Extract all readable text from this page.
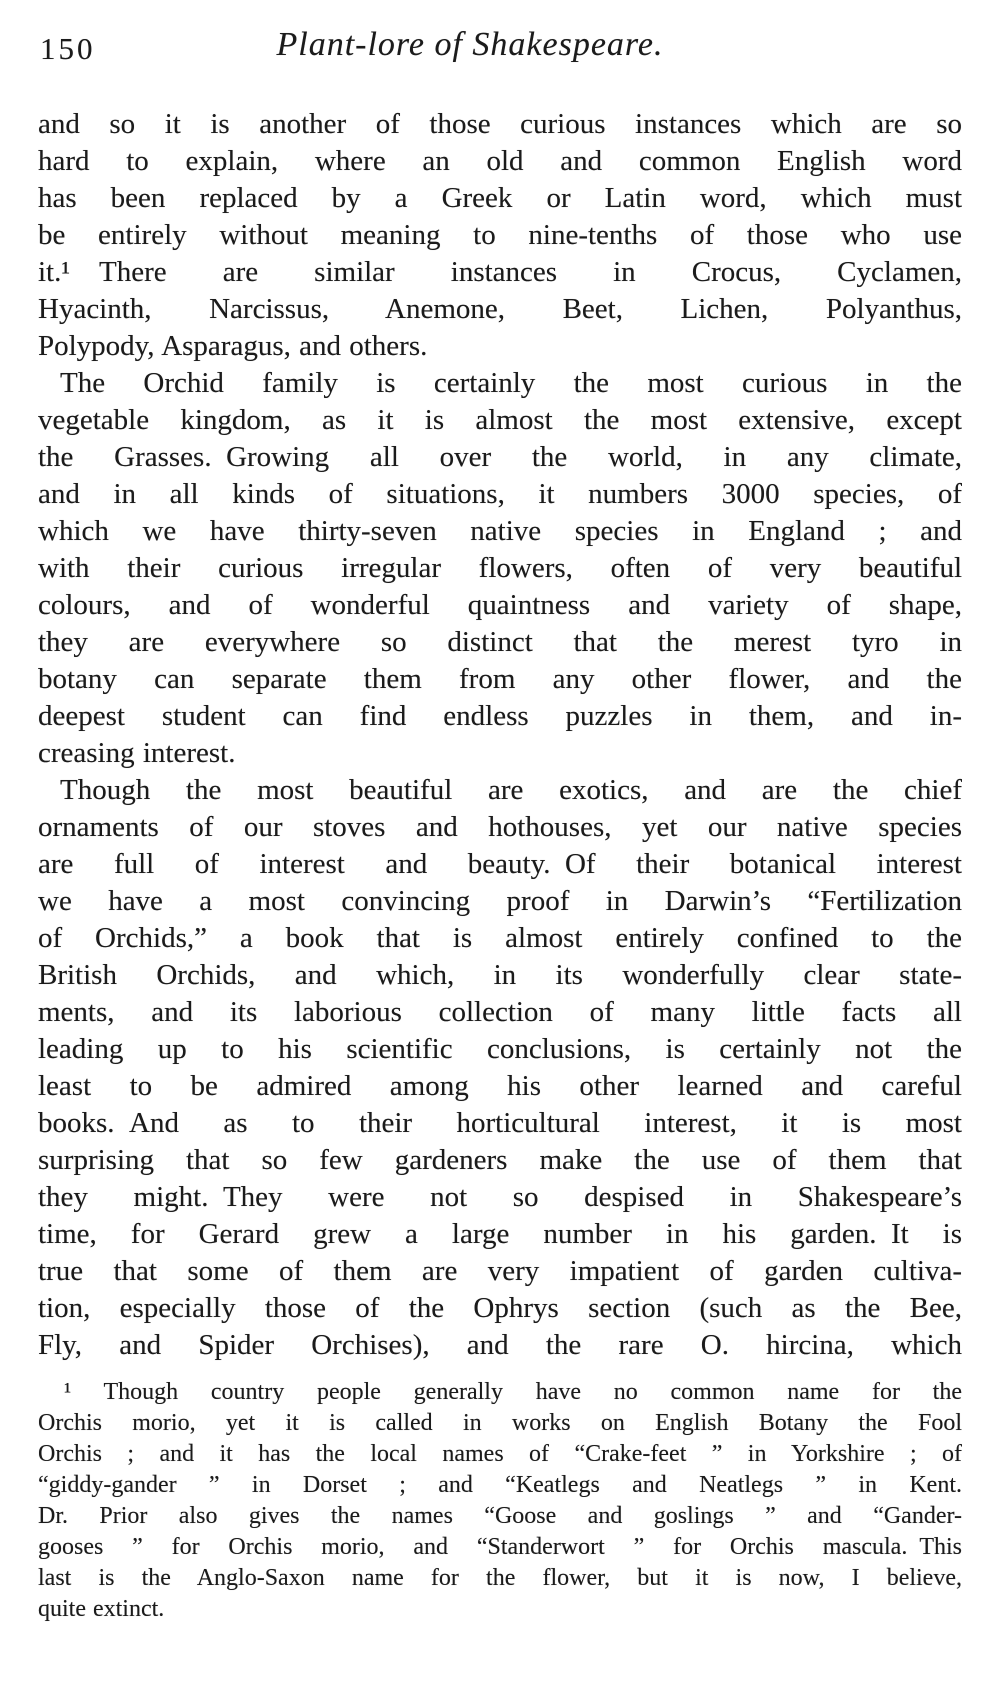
150	Plant-lore of Shakespeare.
and so it is another of those curious instances which are so
hard to explain, where an old and common English word
has been replaced by a Greek or Latin word, which must
be entirely without meaning to nine-tenths of those who use
it.¹ There are similar instances in Crocus, Cyclamen,
Hyacinth, Narcissus, Anemone, Beet, Lichen, Polyanthus,
Polypody, Asparagus, and others.
The Orchid family is certainly the most curious in the
vegetable kingdom, as it is almost the most extensive, except
the Grasses. Growing all over the world, in any climate,
and in all kinds of situations, it numbers 3000 species, of
which we have thirty-seven native species in England ; and
with their curious irregular flowers, often of very beautiful
colours, and of wonderful quaintness and variety of shape,
they are everywhere so distinct that the merest tyro in
botany can separate them from any other flower, and the
deepest student can find endless puzzles in them, and in-
creasing interest.
Though the most beautiful are exotics, and are the chief
ornaments of our stoves and hothouses, yet our native species
are full of interest and beauty. Of their botanical interest
we have a most convincing proof in Darwin’s “Fertilization
of Orchids,” a book that is almost entirely confined to the
British Orchids, and which, in its wonderfully clear state-
ments, and its laborious collection of many little facts all
leading up to his scientific conclusions, is certainly not the
least to be admired among his other learned and careful
books. And as to their horticultural interest, it is most
surprising that so few gardeners make the use of them that
they might. They were not so despised in Shakespeare’s
time, for Gerard grew a large number in his garden. It is
true that some of them are very impatient of garden cultiva-
tion, especially those of the Ophrys section (such as the Bee,
Fly, and Spider Orchises), and the rare O. hircina, which
¹ Though country people generally have no common name for the
Orchis morio, yet it is called in works on English Botany the Fool
Orchis ; and it has the local names of “Crake-feet ” in Yorkshire ; of
“giddy-gander ” in Dorset ; and “Keatlegs and Neatlegs ” in Kent.
Dr. Prior also gives the names “Goose and goslings ” and “Gander-
gooses ” for Orchis morio, and “Standerwort ” for Orchis mascula. This
last is the Anglo-Saxon name for the flower, but it is now, I believe,
quite extinct.
